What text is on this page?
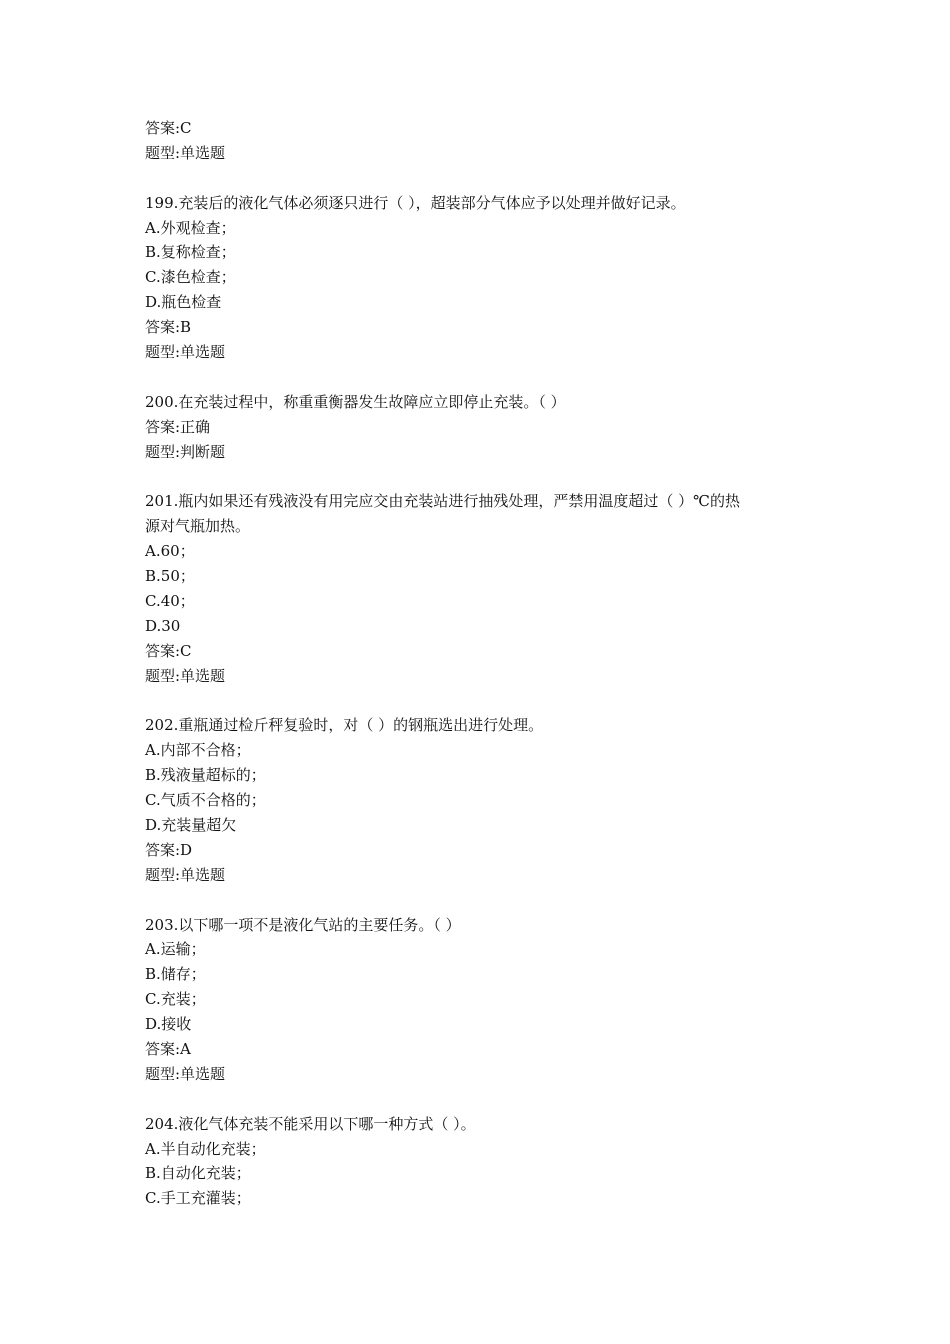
答案:C
题型:单选题
199.充装后的液化气体必须逐只进行（ ），超装部分气体应予以处理并做好记录。
A.外观检查；
B.复称检查；
C.漆色检查；
D.瓶色检查
答案:B
题型:单选题
200.在充装过程中，称重重衡器发生故障应立即停止充装。（ ）
答案:正确
题型:判断题
201.瓶内如果还有残液没有用完应交由充装站进行抽残处理，严禁用温度超过（ ）℃的热
源对气瓶加热。
A.60；
B.50；
C.40；
D.30
答案:C
题型:单选题
202.重瓶通过检斤秤复验时，对（ ）的钢瓶选出进行处理。
A.内部不合格；
B.残液量超标的；
C.气质不合格的；
D.充装量超欠
答案:D
题型:单选题
203.以下哪一项不是液化气站的主要任务。（ ）
A.运输；
B.储存；
C.充装；
D.接收
答案:A
题型:单选题
204.液化气体充装不能采用以下哪一种方式（ ）。
A.半自动化充装；
B.自动化充装；
C.手工充灌装；
